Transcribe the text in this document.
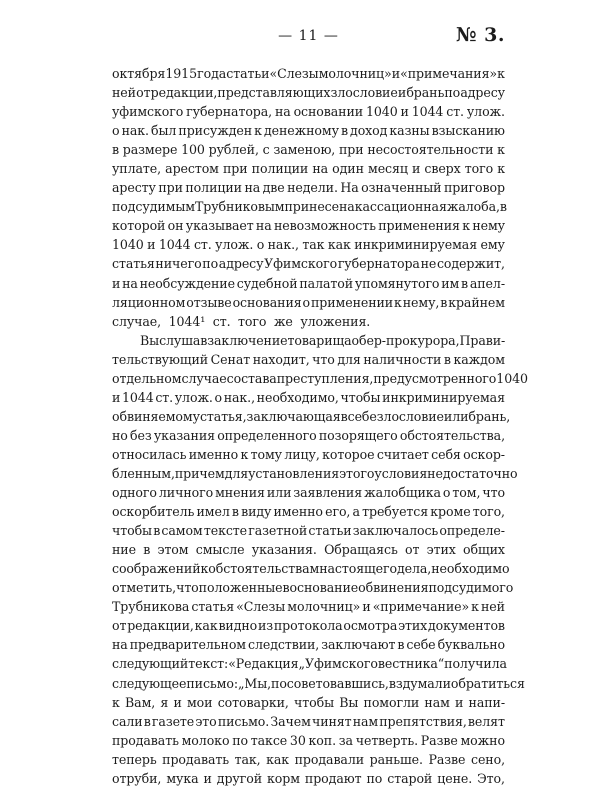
— 11 —	№ 3.
октября 1915 года статьи «Слезы молочниц» и «примечания» к
ней от редакции, представляющих злословие и брань по адресу
уфимского губернатора, на основании 1040 и 1044 ст. улож.
о нак. был присужден к денежному в доход казны взысканию
в размере 100 рублей, с заменою, при несостоятельности к
уплате, арестом при полиции на один месяц и сверх того к
аресту при полиции на две недели. На означенный приговор
подсудимым Трубниковым принесена кассационная жалоба, в
которой он указывает на невозможность применения к нему
1040 и 1044 ст. улож. о нак., так как инкриминируемая ему
статья ничего по адресу Уфимского губернатора не содержит,
и на необсуждение судебной палатой упомянутого им в апел-
ляционном отзыве основания о применении к нему, в крайнем
случае, 1044¹ ст. того же уложения.
Выслушав заключение товарища обер-прокурора, Прави-
тельствующий Сенат находит, что для наличности в каждом
отдельном случае состава преступления, предусмотренного 1040
и 1044 ст. улож. о нак., необходимо, чтобы инкриминируемая
обвиняемому статья, заключающая в себе злословие или брань,
но без указания определенного позорящего обстоятельства,
относилась именно к тому лицу, которое считает себя оскор-
бленным, причем для установления этого условия недостаточно
одного личного мнения или заявления жалобщика о том, что
оскорбитель имел в виду именно его, а требуется кроме того,
чтобы в самом тексте газетной статьи заключалось определе-
ние в этом смысле указания. Обращаясь от этих общих
соображений к обстоятельствам настоящего дела, необходимо
отметить, что положенные в основание обвинения подсудимого
Трубникова статья «Слезы молочниц» и «примечание» к ней
от редакции, как видно из протокола осмотра этих документов
на предварительном следствии, заключают в себе буквально
следующий текст: «Редакция „Уфимского вестника“ получила
следующее письмо: „Мы, посоветовавшись, вздумали обратиться
к Вам, я и мои сотоварки, чтобы Вы помогли нам и напи-
сали в газете это письмо. Зачем чинят нам препятствия, велят
продавать молоко по таксе 30 коп. за четверть. Разве можно
теперь продавать так, как продавали раньше. Разве сено,
отруби, мука и другой корм продают по старой цене. Это,
